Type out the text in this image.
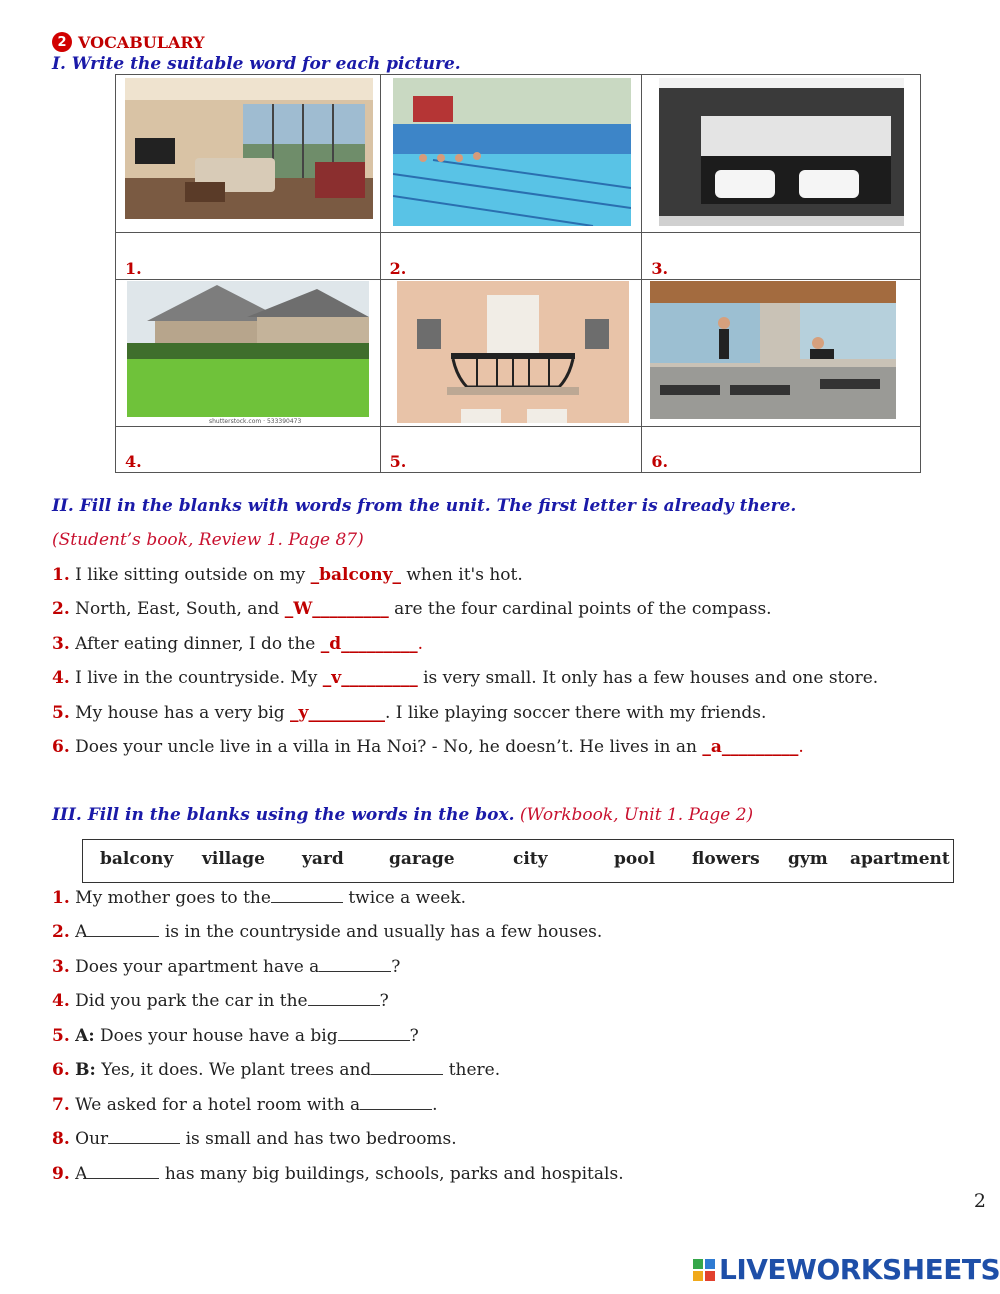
2 VOCABULARY
I. Write the suitable word for each picture.

1.	2.	3.

shutterstock.com · 533390473

4.	5.	6.
II. Fill in the blanks with words from the unit. The first letter is already there.
(Student’s book, Review 1. Page 87)
1. I like sitting outside on my _balcony_ when it's hot.
2. North, East, South, and _W_________ are the four cardinal points of the compass.
3. After eating dinner, I do the _d_________.
4. I live in the countryside. My _v_________ is very small. It only has a few houses and one store.
5. My house has a very big _y_________. I like playing soccer there with my friends.
6. Does your uncle live in a villa in Ha Noi? - No, he doesn’t. He lives in an _a_________.
III. Fill in the blanks using the words in the box. (Workbook, Unit 1. Page 2)
balcony village yard	garage	city	pool flowers gym apartment
1. My mother goes to the	twice a week.
2. A	is in the countryside and usually has a few houses.
3. Does your apartment have a	?
4. Did you park the car in the	?
5. A: Does your house have a big	?
6. B: Yes, it does. We plant trees and	there.
7. We asked for a hotel room with a	.
8. Our	is small and has two bedrooms.
9. A	has many big buildings, schools, parks and hospitals.
2
LIVEWORKSHEETS
